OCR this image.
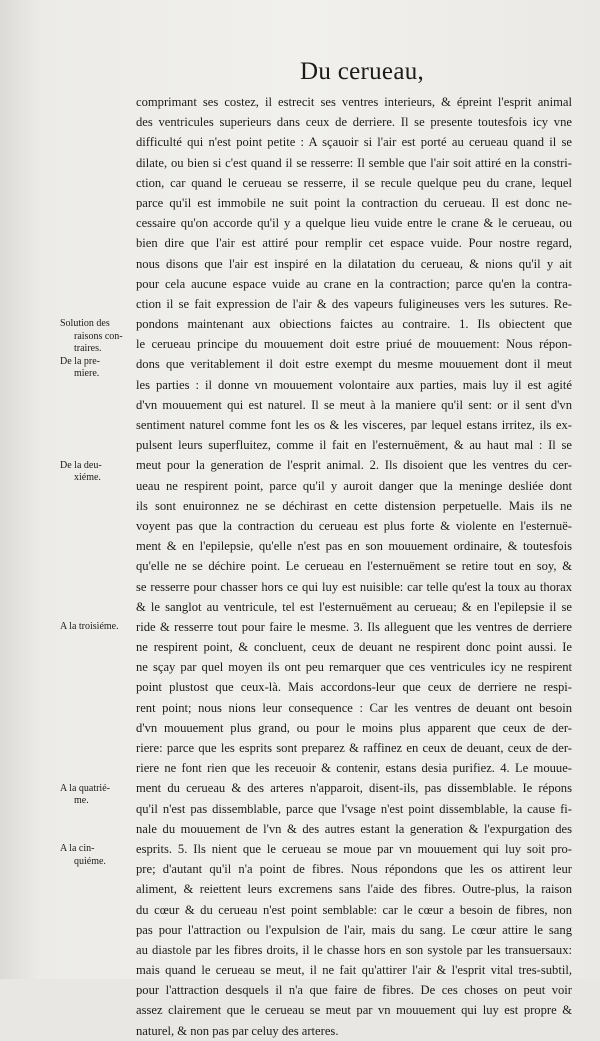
Du cerueau,
comprimant ses costez, il estrecit ses ventres interieurs, & épreint l'esprit animal
des ventricules superieurs dans ceux de derriere. Il se presente toutesfois icy vne
difficulté qui n'est point petite : A sçauoir si l'air est porté au cerueau quand il se
dilate, ou bien si c'est quand il se resserre: Il semble que l'air soit attiré en la constri-
ction, car quand le cerueau se resserre, il se recule quelque peu du crane, lequel
parce qu'il est immobile ne suit point la contraction du cerueau. Il est donc ne-
cessaire qu'on accorde qu'il y a quelque lieu vuide entre le crane & le cerueau, ou
bien dire que l'air est attiré pour remplir cet espace vuide. Pour nostre regard,
nous disons que l'air est inspiré en la dilatation du cerueau, & nions qu'il y ait
pour cela aucune espace vuide au crane en la contraction; parce qu'en la contra-
ction il se fait expression de l'air & des vapeurs fuligineuses vers les sutures. Re-
pondons maintenant aux obiections faictes au contraire. 1. Ils obiectent que
le cerueau principe du mouuement doit estre priué de mouuement: Nous répon-
dons que veritablement il doit estre exempt du mesme mouuement dont il meut
les parties : il donne vn mouuement volontaire aux parties, mais luy il est agité
d'vn mouuement qui est naturel. Il se meut à la maniere qu'il sent: or il sent d'vn
sentiment naturel comme font les os & les visceres, par lequel estans irritez, ils ex-
pulsent leurs superfluitez, comme il fait en l'esternuëment, & au haut mal : Il se
meut pour la generation de l'esprit animal. 2. Ils disoient que les ventres du cer-
ueau ne respirent point, parce qu'il y auroit danger que la meninge desliée dont
ils sont enuironnez ne se déchirast en cette distension perpetuelle. Mais ils ne
voyent pas que la contraction du cerueau est plus forte & violente en l'esternuë-
ment & en l'epilepsie, qu'elle n'est pas en son mouuement ordinaire, & toutesfois
qu'elle ne se déchire point. Le cerueau en l'esternuëment se retire tout en soy, &
se resserre pour chasser hors ce qui luy est nuisible: car telle qu'est la toux au thorax
& le sanglot au ventricule, tel est l'esternuëment au cerueau; & en l'epilepsie il se
ride & resserre tout pour faire le mesme. 3. Ils alleguent que les ventres de derriere
ne respirent point, & concluent, ceux de deuant ne respirent donc point aussi. Ie
ne sçay par quel moyen ils ont peu remarquer que ces ventricules icy ne respirent
point plustost que ceux-là. Mais accordons-leur que ceux de derriere ne respi-
rent point; nous nions leur consequence : Car les ventres de deuant ont besoin
d'vn mouuement plus grand, ou pour le moins plus apparent que ceux de der-
riere: parce que les esprits sont preparez & raffinez en ceux de deuant, ceux de der-
riere ne font rien que les receuoir & contenir, estans desia purifiez. 4. Le mouue-
ment du cerueau & des arteres n'apparoit, disent-ils, pas dissemblable. Ie répons
qu'il n'est pas dissemblable, parce que l'vsage n'est point dissemblable, la cause fi-
nale du mouuement de l'vn & des autres estant la generation & l'expurgation des
esprits. 5. Ils nient que le cerueau se moue par vn mouuement qui luy soit pro-
pre; d'autant qu'il n'a point de fibres. Nous répondons que les os attirent leur
aliment, & reiettent leurs excremens sans l'aide des fibres. Outre-plus, la raison
du cœur & du cerueau n'est point semblable: car le cœur a besoin de fibres, non
pas pour l'attraction ou l'expulsion de l'air, mais du sang. Le cœur attire le sang
au diastole par les fibres droits, il le chasse hors en son systole par les transuersaux:
mais quand le cerueau se meut, il ne fait qu'attirer l'air & l'esprit vital tres-subtil,
pour l'attraction desquels il n'a que faire de fibres. De ces choses on peut voir
assez clairement que le cerueau se meut par vn mouuement qui luy est propre &
naturel, & non pas par celuy des arteres.
Solution des
raisons con-
traires.
De la pre-
miere.
De la deu-
xiéme.
A la troisiéme.
A la quatrié-
me.
A la cin-
quiéme.
